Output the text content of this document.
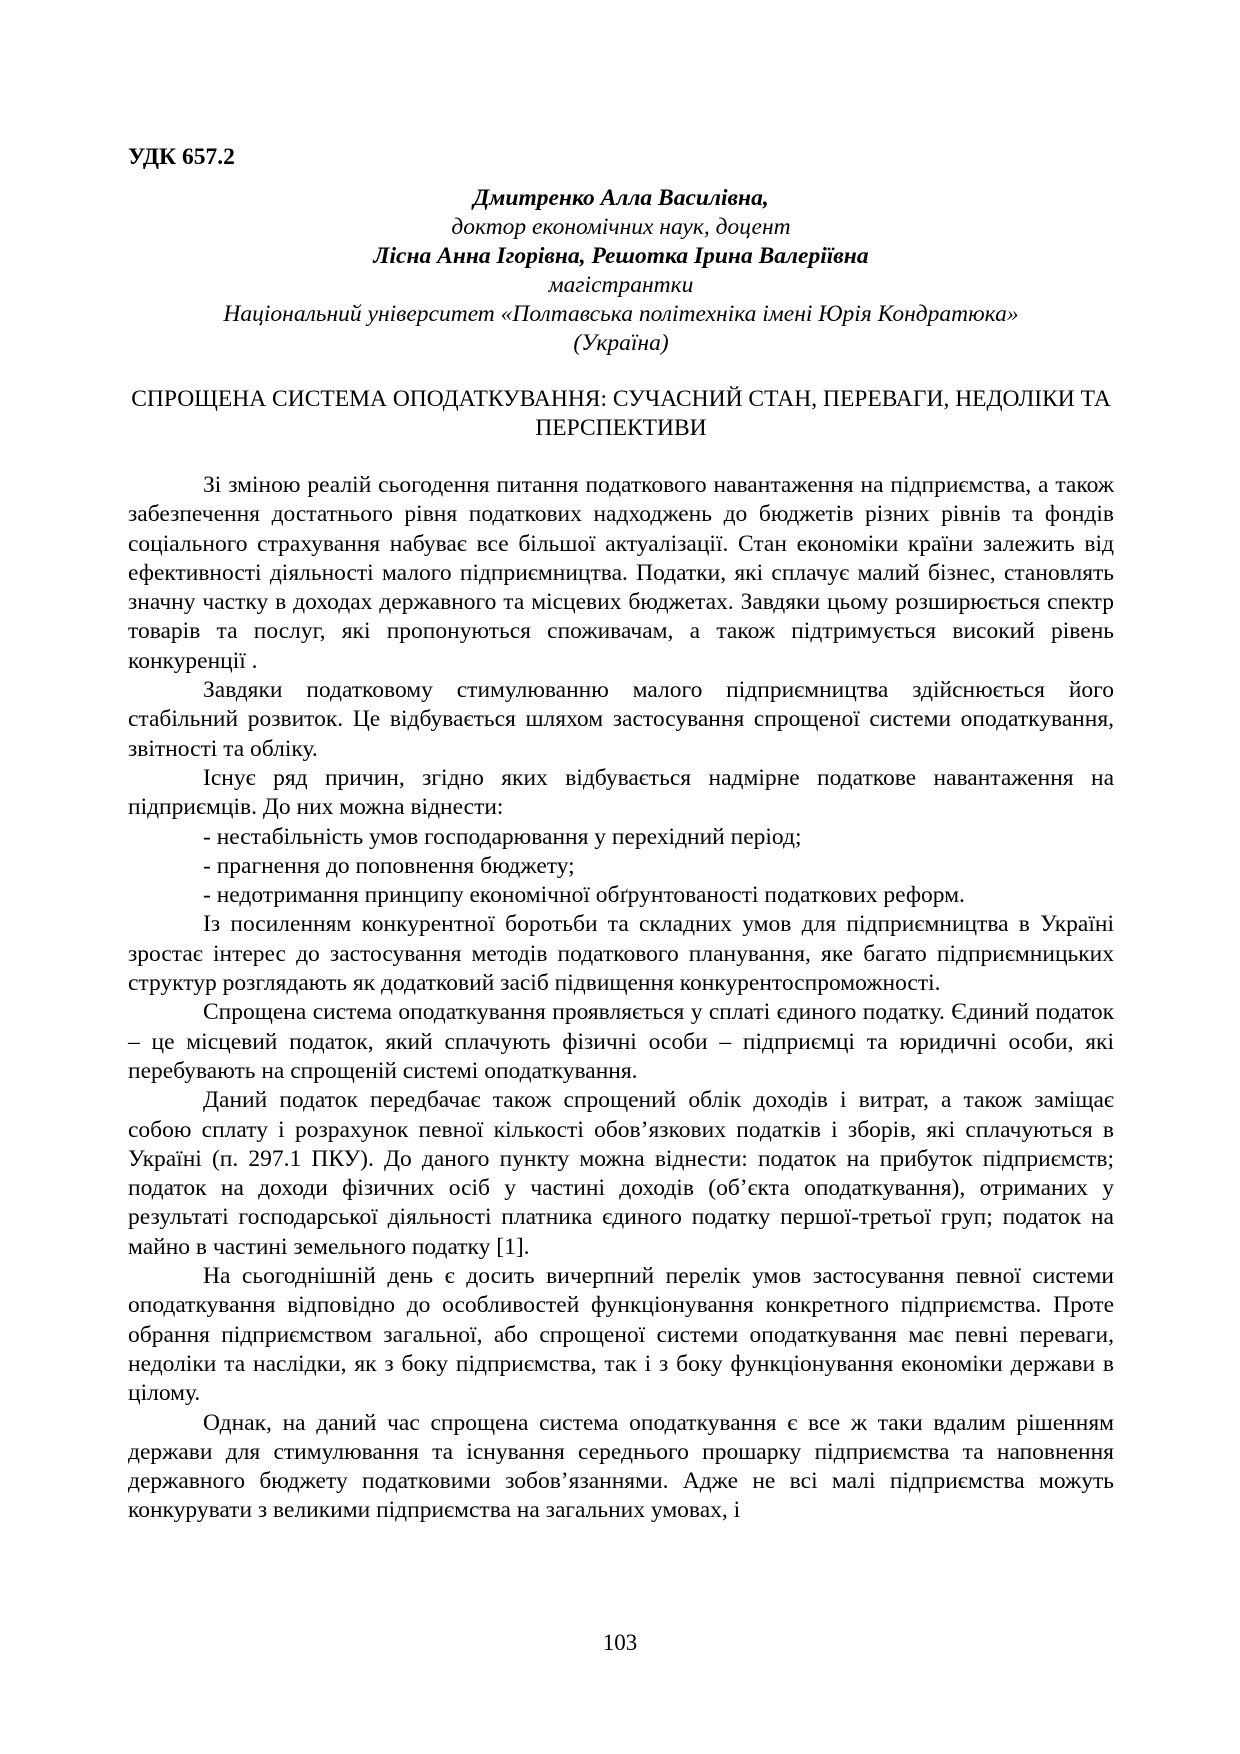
УДК 657.2
Дмитренко Алла Василівна,
доктор економічних наук, доцент
Лісна Анна Ігорівна, Решотка Ірина Валеріївна
магістрантки
Національний університет «Полтавська політехніка імені Юрія Кондратюка»
(Україна)
СПРОЩЕНА СИСТЕМА ОПОДАТКУВАННЯ: СУЧАСНИЙ СТАН, ПЕРЕВАГИ, НЕДОЛІКИ ТА ПЕРСПЕКТИВИ

Зі зміною реалій сьогодення питання податкового навантаження на підприємства, а також забезпечення достатнього рівня податкових надходжень до бюджетів різних рівнів та фондів соціального страхування набуває все більшої актуалізації. Стан економіки країни залежить від ефективності діяльності малого підприємництва. Податки, які сплачує малий бізнес, становлять значну частку в доходах державного та місцевих бюджетах. Завдяки цьому розширюється спектр товарів та послуг, які пропонуються споживачам, а також підтримується високий рівень конкуренції .

Завдяки податковому стимулюванню малого підприємництва здійснюється його стабільний розвиток. Це відбувається шляхом застосування спрощеної системи оподаткування, звітності та обліку.

Існує ряд причин, згідно яких відбувається надмірне податкове навантаження на підприємців. До них можна віднести:

- нестабільність умов господарювання у перехідний період;

- прагнення до поповнення бюджету;

- недотримання принципу економічної обґрунтованості податкових реформ.

Із посиленням конкурентної боротьби та складних умов для підприємництва в Україні зростає інтерес до застосування методів податкового планування, яке багато підприємницьких структур розглядають як додатковий засіб підвищення конкурентоспроможності.

Спрощена система оподаткування проявляється у сплаті єдиного податку. Єдиний податок – це місцевий податок, який сплачують фізичні особи – підприємці та юридичні особи, які перебувають на спрощеній системі оподаткування.

Даний податок передбачає також спрощений облік доходів і витрат, а також заміщає собою сплату і розрахунок певної кількості обов’язкових податків і зборів, які сплачуються в Україні (п. 297.1 ПКУ). До даного пункту можна віднести: податок на прибуток підприємств; податок на доходи фізичних осіб у частині доходів (об’єкта оподаткування), отриманих у результаті господарської діяльності платника єдиного податку першої-третьої груп; податок на майно в частині земельного податку [1].

На сьогоднішній день є досить вичерпний перелік умов застосування певної системи оподаткування відповідно до особливостей функціонування конкретного підприємства. Проте обрання підприємством загальної, або спрощеної системи оподаткування має певні переваги, недоліки та наслідки, як з боку підприємства, так і з боку функціонування економіки держави в цілому.

Однак, на даний час спрощена система оподаткування є все ж таки вдалим рішенням держави для стимулювання та існування середнього прошарку підприємства та наповнення державного бюджету податковими зобов’язаннями. Адже не всі малі підприємства можуть конкурувати з великими підприємства на загальних умовах, і

103
